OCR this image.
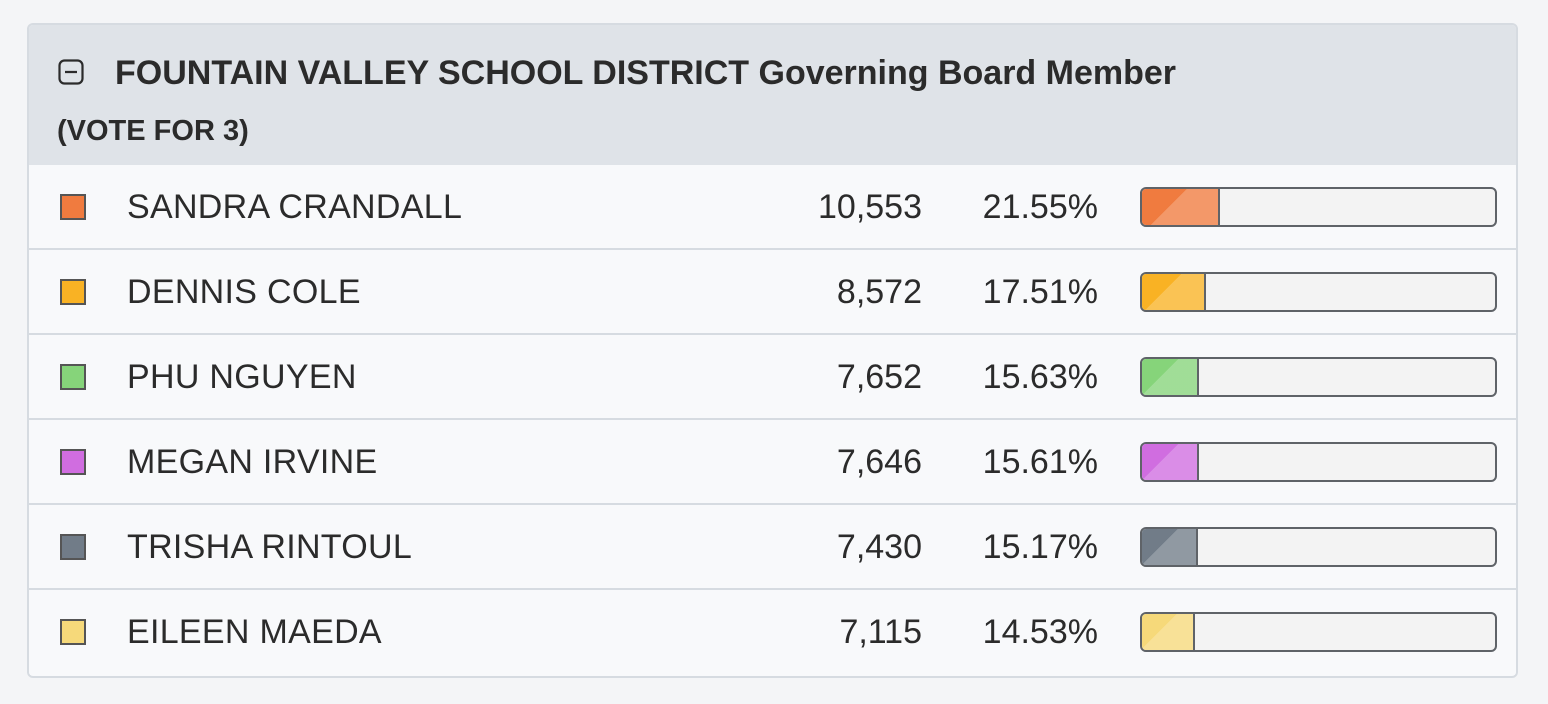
FOUNTAIN VALLEY SCHOOL DISTRICT Governing Board Member
(VOTE FOR 3)
SANDRA CRANDALL	10,553 21.55%
DENNIS COLE	8,572 17.51%
PHU NGUYEN	7,652 15.63%
MEGAN IRVINE	7,646 15.61%
TRISHA RINTOUL	7,430 15.17%
EILEEN MAEDA	7,115 14.53%
